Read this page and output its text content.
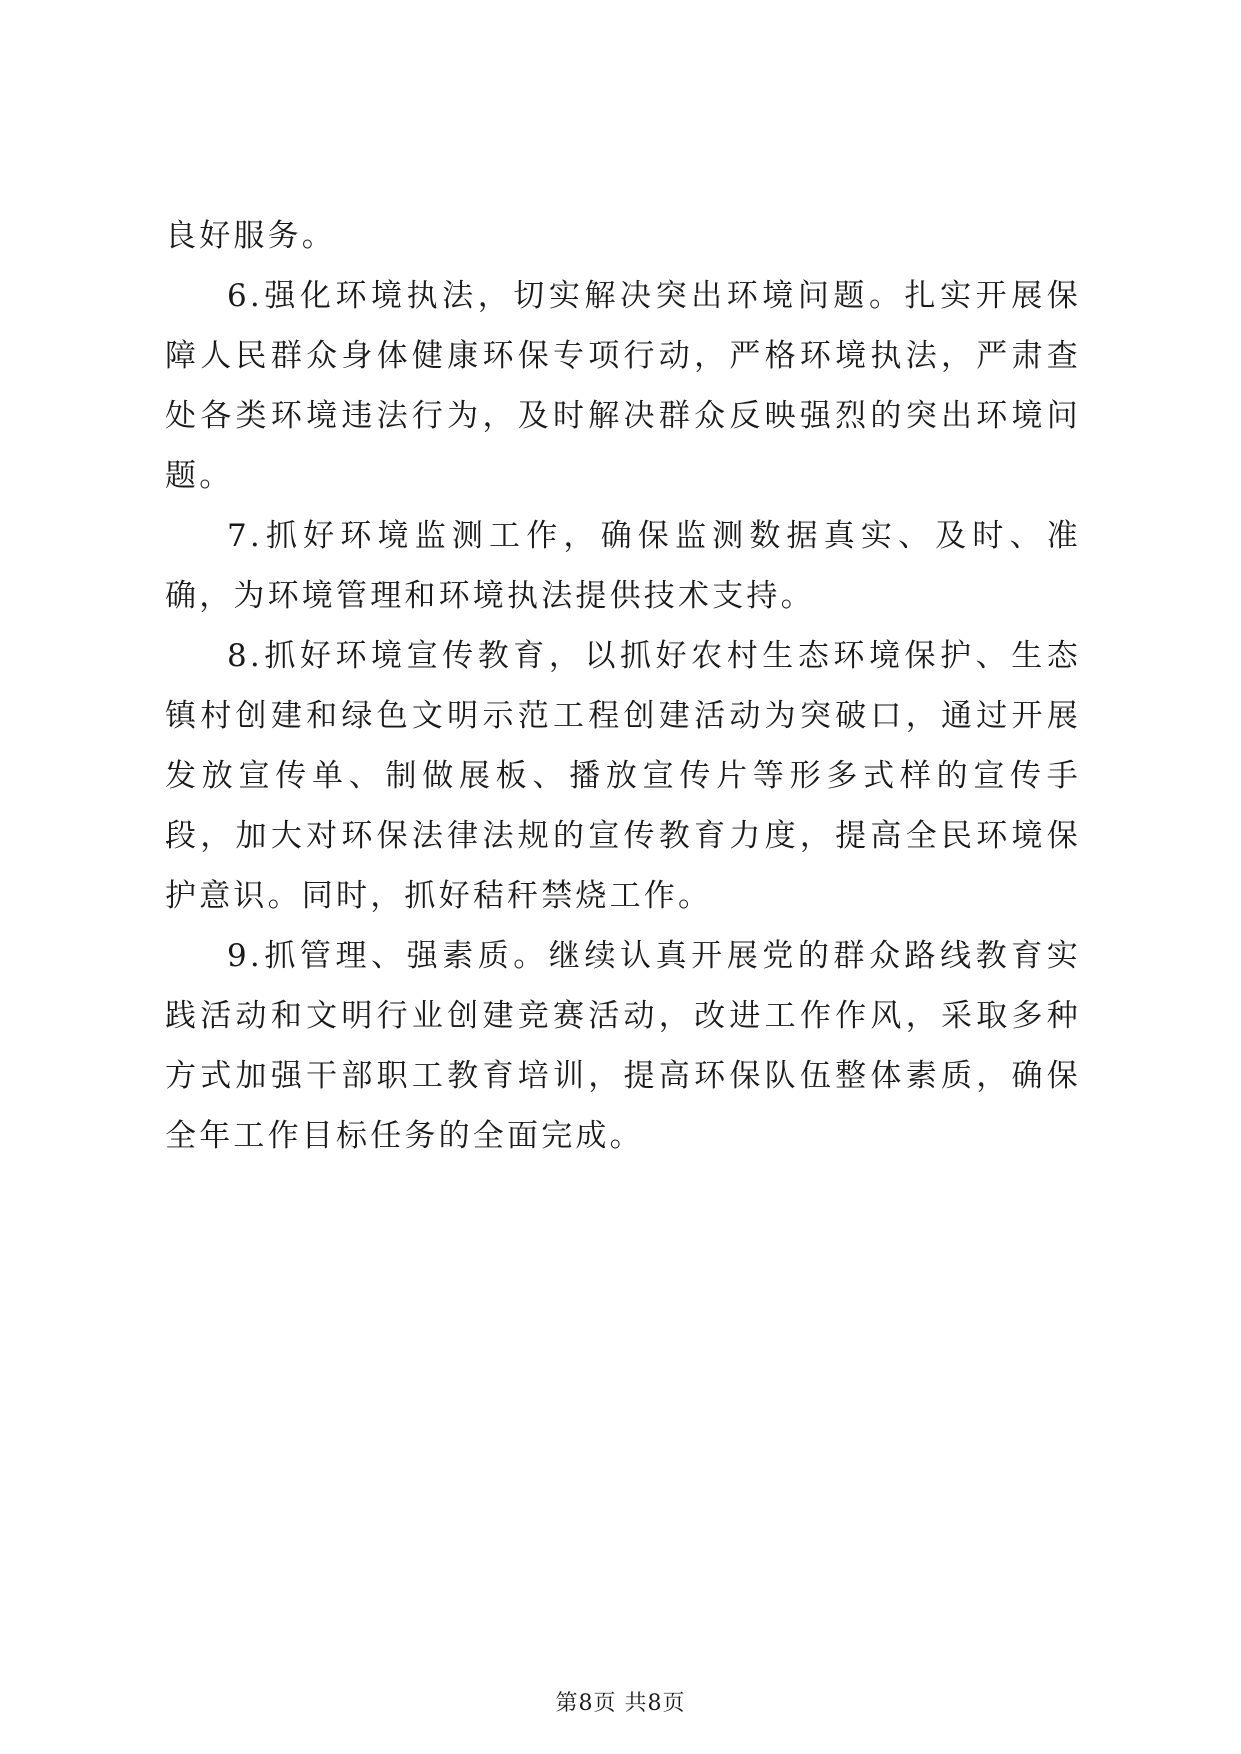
良好服务。

6.强化环境执法，切实解决突出环境问题。扎实开展保障人民群众身体健康环保专项行动，严格环境执法，严肃查处各类环境违法行为，及时解决群众反映强烈的突出环境问题。

7.抓好环境监测工作，确保监测数据真实、及时、准确，为环境管理和环境执法提供技术支持。

8.抓好环境宣传教育，以抓好农村生态环境保护、生态镇村创建和绿色文明示范工程创建活动为突破口，通过开展发放宣传单、制做展板、播放宣传片等形多式样的宣传手段，加大对环保法律法规的宣传教育力度，提高全民环境保护意识。同时，抓好秸秆禁烧工作。

9.抓管理、强素质。继续认真开展党的群众路线教育实践活动和文明行业创建竞赛活动，改进工作作风，采取多种方式加强干部职工教育培训，提高环保队伍整体素质，确保全年工作目标任务的全面完成。

第8页 共8页
